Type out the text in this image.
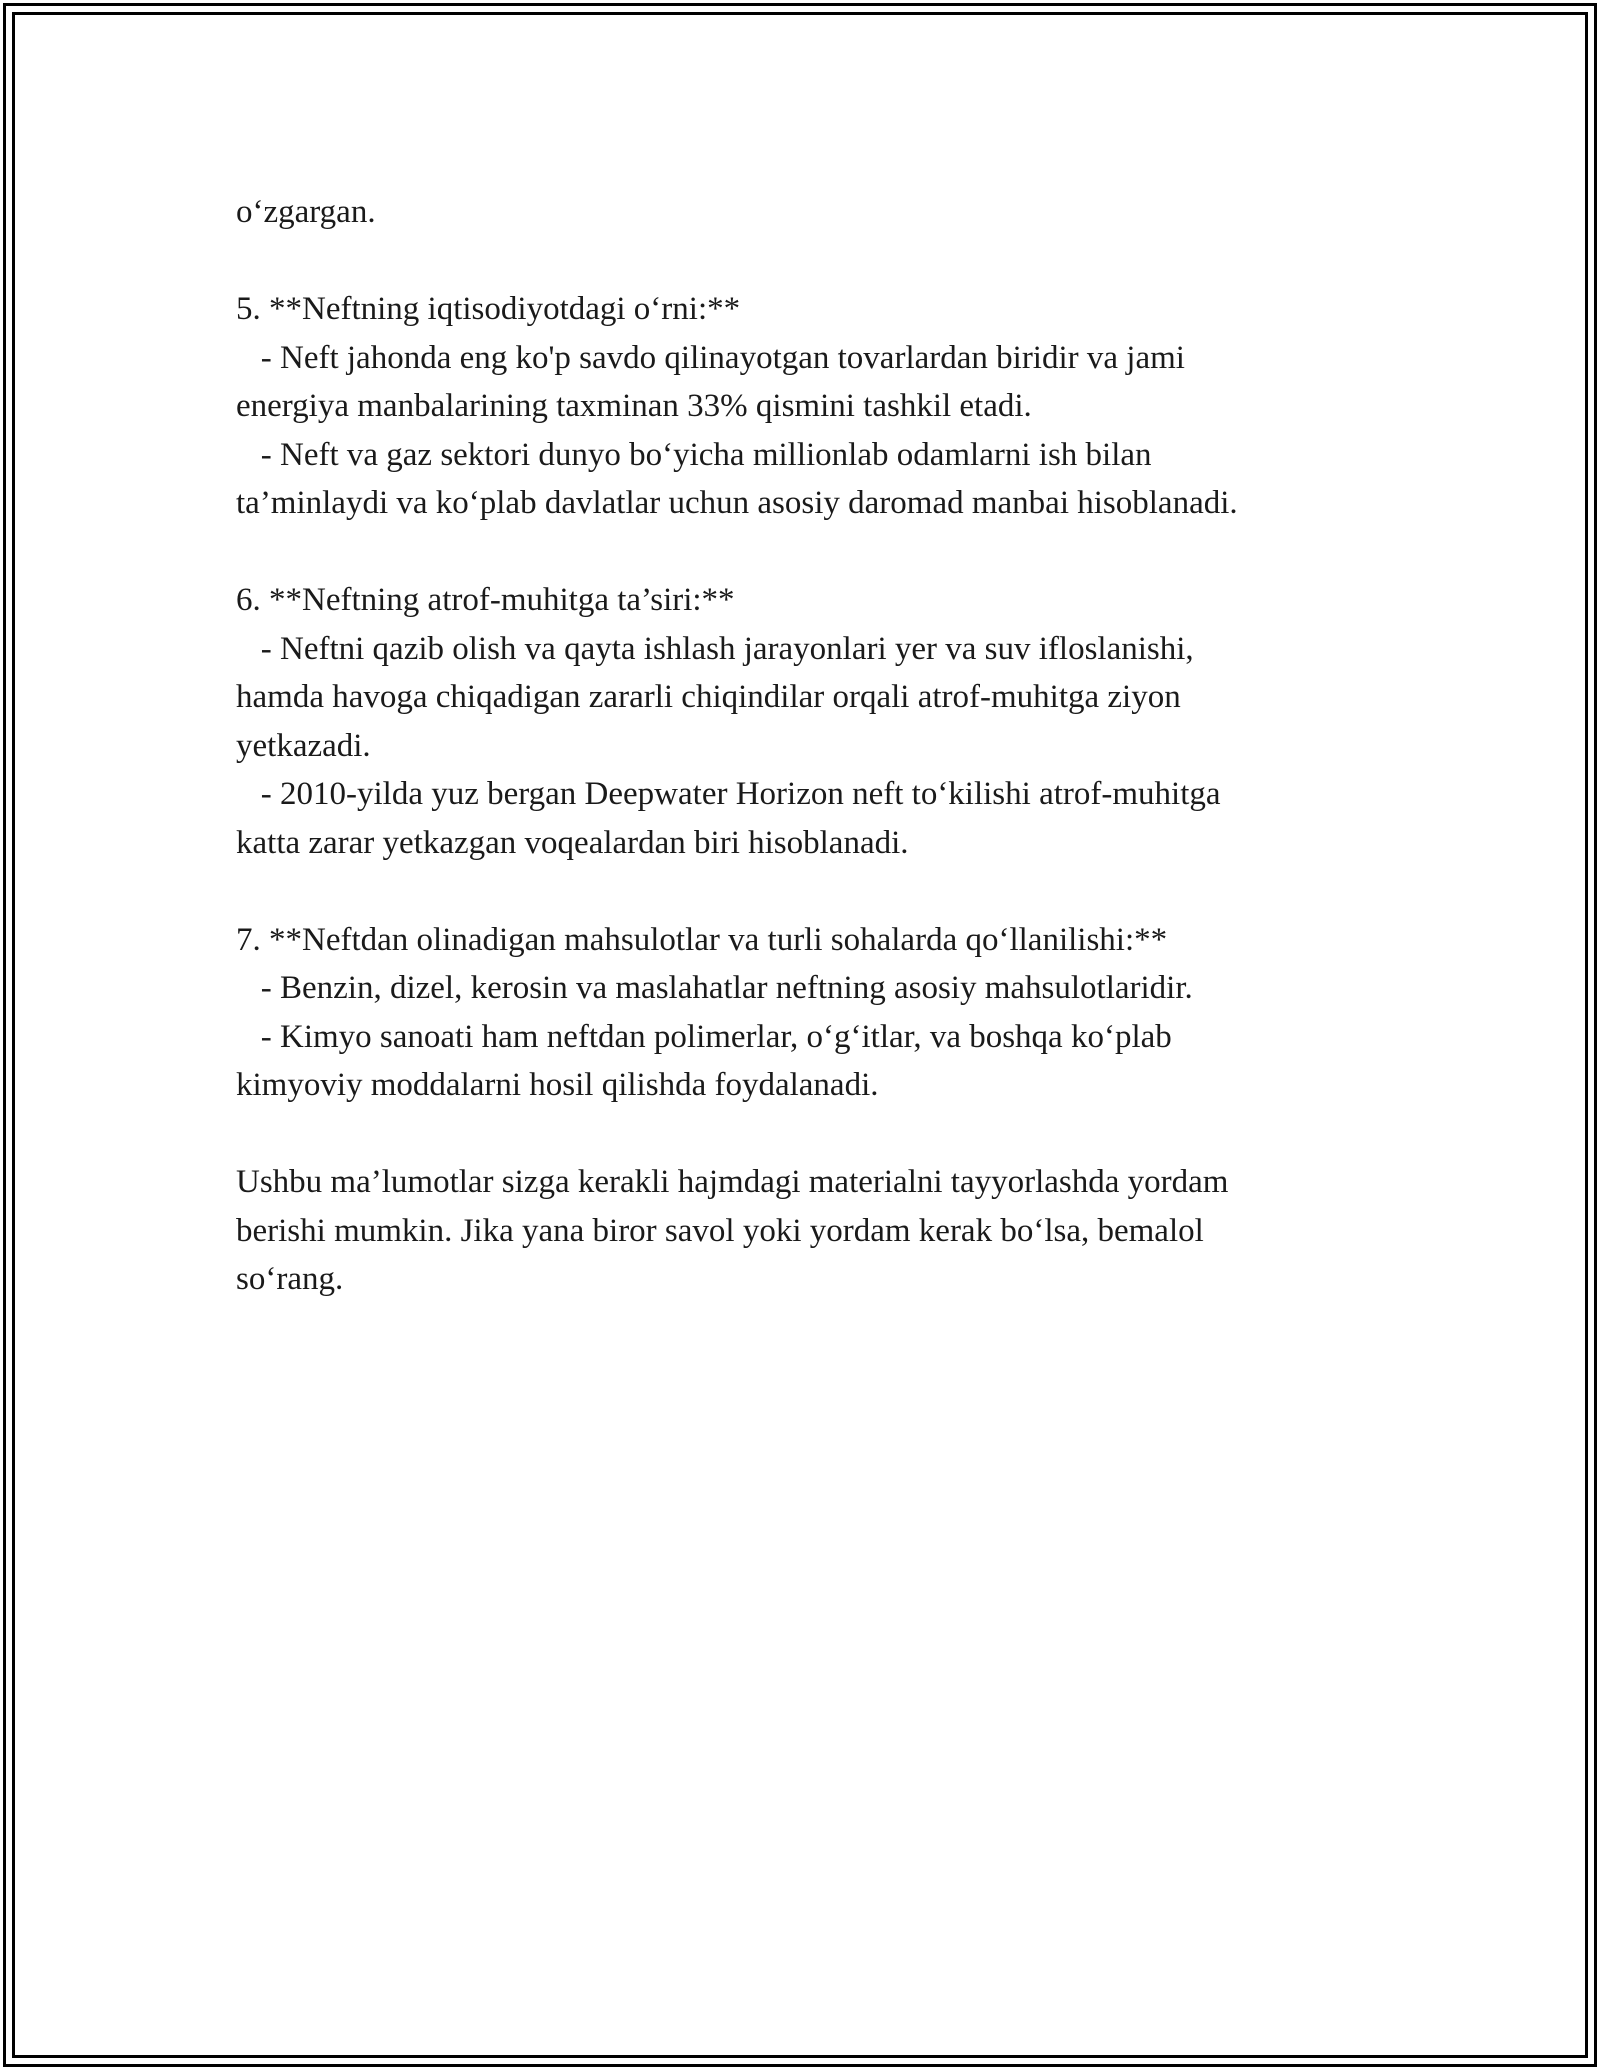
o‘zgargan.
5. **Neftning iqtisodiyotdagi o‘rni:**
- Neft jahonda eng ko'p savdo qilinayotgan tovarlardan biridir va jami
energiya manbalarining taxminan 33% qismini tashkil etadi.
- Neft va gaz sektori dunyo bo‘yicha millionlab odamlarni ish bilan
ta’minlaydi va ko‘plab davlatlar uchun asosiy daromad manbai hisoblanadi.
6. **Neftning atrof-muhitga ta’siri:**
- Neftni qazib olish va qayta ishlash jarayonlari yer va suv ifloslanishi,
hamda havoga chiqadigan zararli chiqindilar orqali atrof-muhitga ziyon
yetkazadi.
- 2010-yilda yuz bergan Deepwater Horizon neft to‘kilishi atrof-muhitga
katta zarar yetkazgan voqealardan biri hisoblanadi.
7. **Neftdan olinadigan mahsulotlar va turli sohalarda qo‘llanilishi:**
- Benzin, dizel, kerosin va maslahatlar neftning asosiy mahsulotlaridir.
- Kimyo sanoati ham neftdan polimerlar, o‘g‘itlar, va boshqa ko‘plab
kimyoviy moddalarni hosil qilishda foydalanadi.
Ushbu ma’lumotlar sizga kerakli hajmdagi materialni tayyorlashda yordam
berishi mumkin. Jika yana biror savol yoki yordam kerak bo‘lsa, bemalol
so‘rang.
